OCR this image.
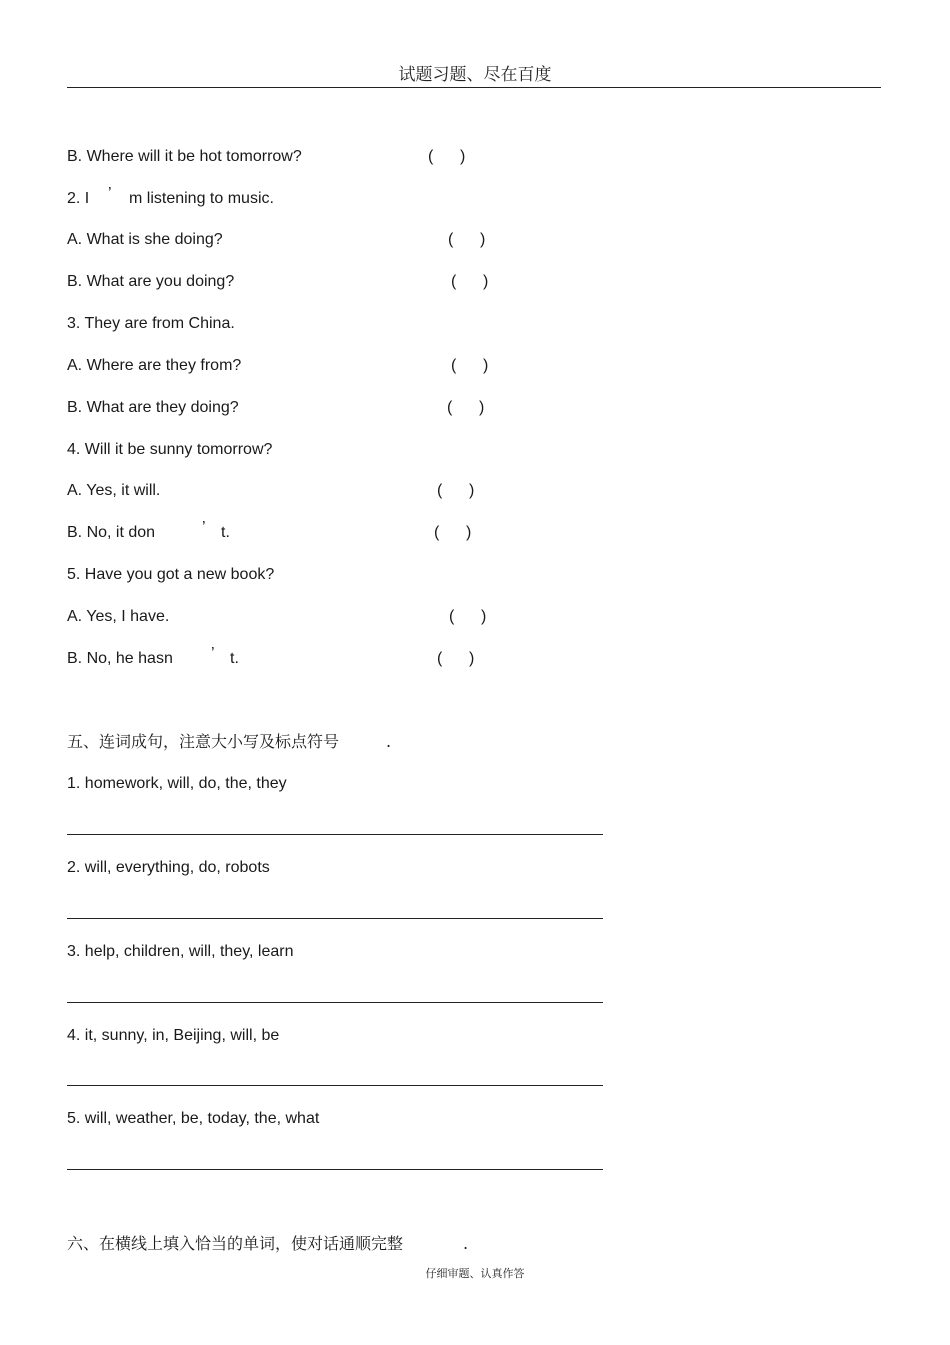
试题习题、尽在百度
B. Where will it be hot tomorrow?	(      )
2. I ’ m listening to music.
A. What is she doing?	(      )
B. What are you doing?	(      )
3. They are from China.
A. Where are they from?	(      )
B. What are they doing?	(      )
4. Will it be sunny tomorrow?
A. Yes, it will.	(      )
B. No, it don	’ t.	(      )
5. Have you got a new book?
A. Yes, I have.	(      )
B. No, he hasn ’ t.	(      )
五、连词成句，注意大小写及标点符号	.
1. homework, will, do, the, they
2. will, everything, do, robots
3. help, children, will, they, learn
4. it, sunny, in, Beijing, will, be
5. will, weather, be, today, the, what
六、在横线上填入恰当的单词，使对话通顺完整	.
仔细审题、认真作答
